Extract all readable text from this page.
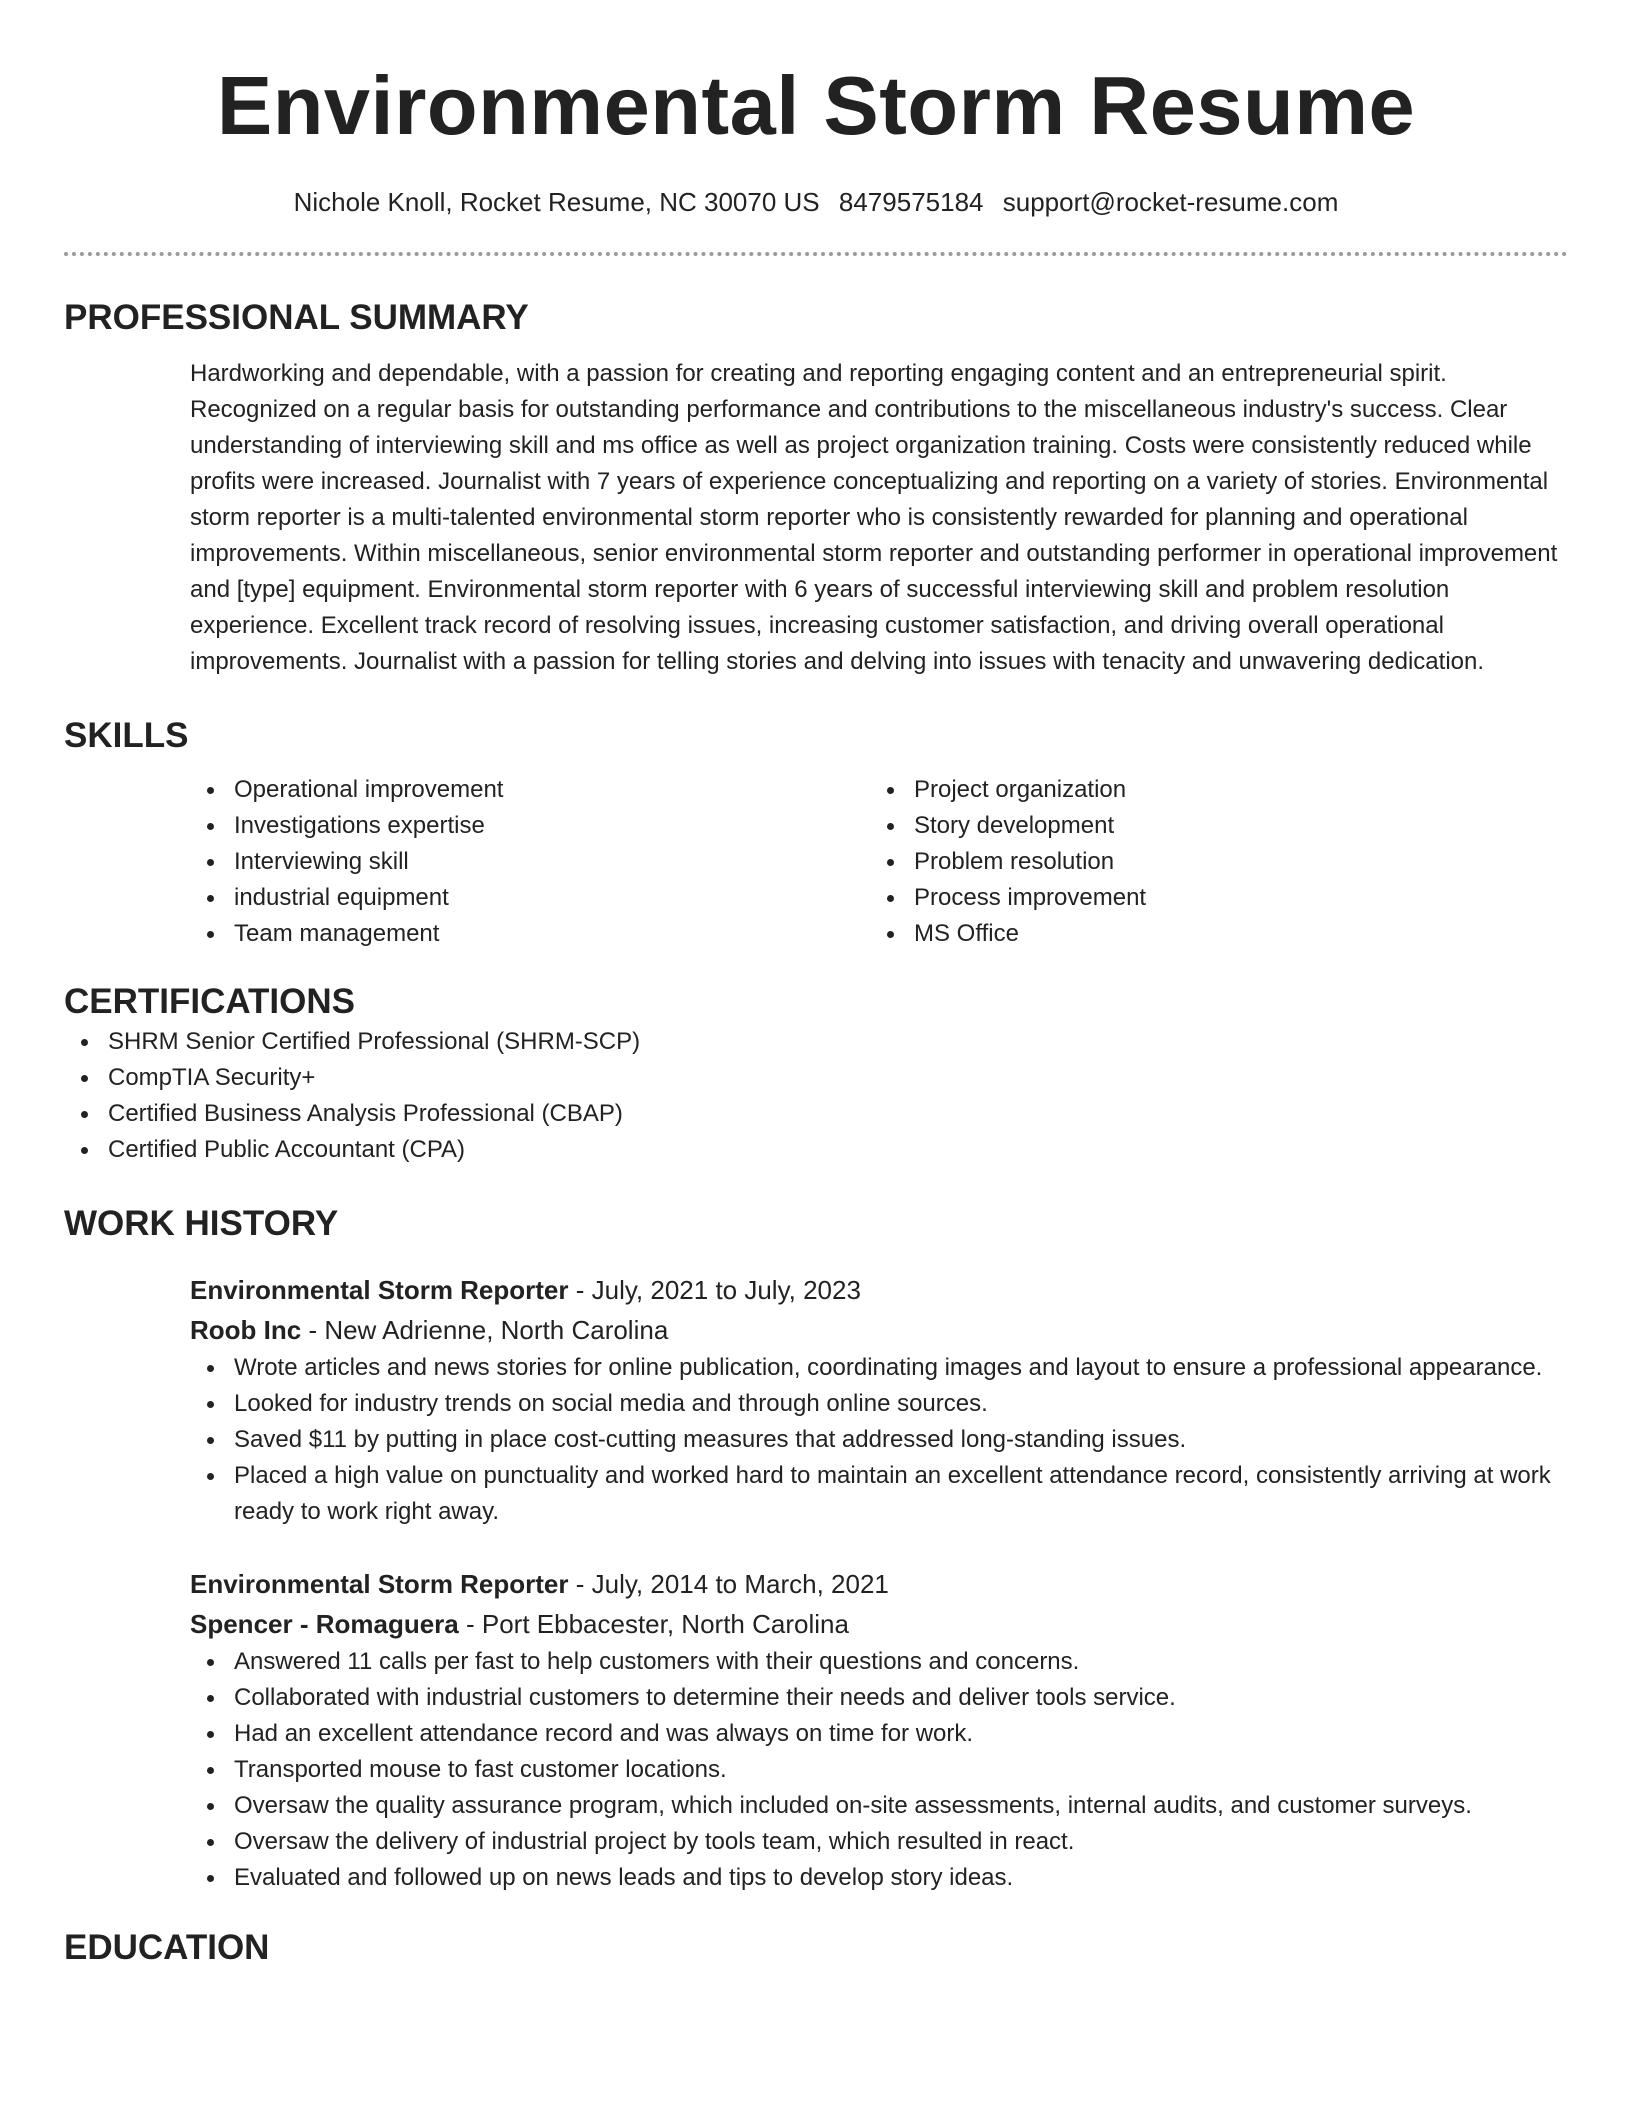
Environmental Storm Resume
Nichole Knoll, Rocket Resume, NC 30070 US 8479575184 support@rocket-resume.com
PROFESSIONAL SUMMARY

Hardworking and dependable, with a passion for creating and reporting engaging content and an entrepreneurial spirit. Recognized on a regular basis for outstanding performance and contributions to the miscellaneous industry's success. Clear understanding of interviewing skill and ms office as well as project organization training. Costs were consistently reduced while profits were increased. Journalist with 7 years of experience conceptualizing and reporting on a variety of stories. Environmental storm reporter is a multi-talented environmental storm reporter who is consistently rewarded for planning and operational improvements. Within miscellaneous, senior environmental storm reporter and outstanding performer in operational improvement and [type] equipment. Environmental storm reporter with 6 years of successful interviewing skill and problem resolution experience. Excellent track record of resolving issues, increasing customer satisfaction, and driving overall operational improvements. Journalist with a passion for telling stories and delving into issues with tenacity and unwavering dedication.

SKILLS
Operational improvement
Investigations expertise
Interviewing skill
industrial equipment
Team management
Project organization
Story development
Problem resolution
Process improvement
MS Office
CERTIFICATIONS
SHRM Senior Certified Professional (SHRM-SCP)
CompTIA Security+
Certified Business Analysis Professional (CBAP)
Certified Public Accountant (CPA)
WORK HISTORY
Environmental Storm Reporter - July, 2021 to July, 2023
Roob Inc - New Adrienne, North Carolina
Wrote articles and news stories for online publication, coordinating images and layout to ensure a professional appearance.
Looked for industry trends on social media and through online sources.
Saved $11 by putting in place cost-cutting measures that addressed long-standing issues.
Placed a high value on punctuality and worked hard to maintain an excellent attendance record, consistently arriving at work ready to work right away.
Environmental Storm Reporter - July, 2014 to March, 2021
Spencer - Romaguera - Port Ebbacester, North Carolina
Answered 11 calls per fast to help customers with their questions and concerns.
Collaborated with industrial customers to determine their needs and deliver tools service.
Had an excellent attendance record and was always on time for work.
Transported mouse to fast customer locations.
Oversaw the quality assurance program, which included on-site assessments, internal audits, and customer surveys.
Oversaw the delivery of industrial project by tools team, which resulted in react.
Evaluated and followed up on news leads and tips to develop story ideas.
EDUCATION
